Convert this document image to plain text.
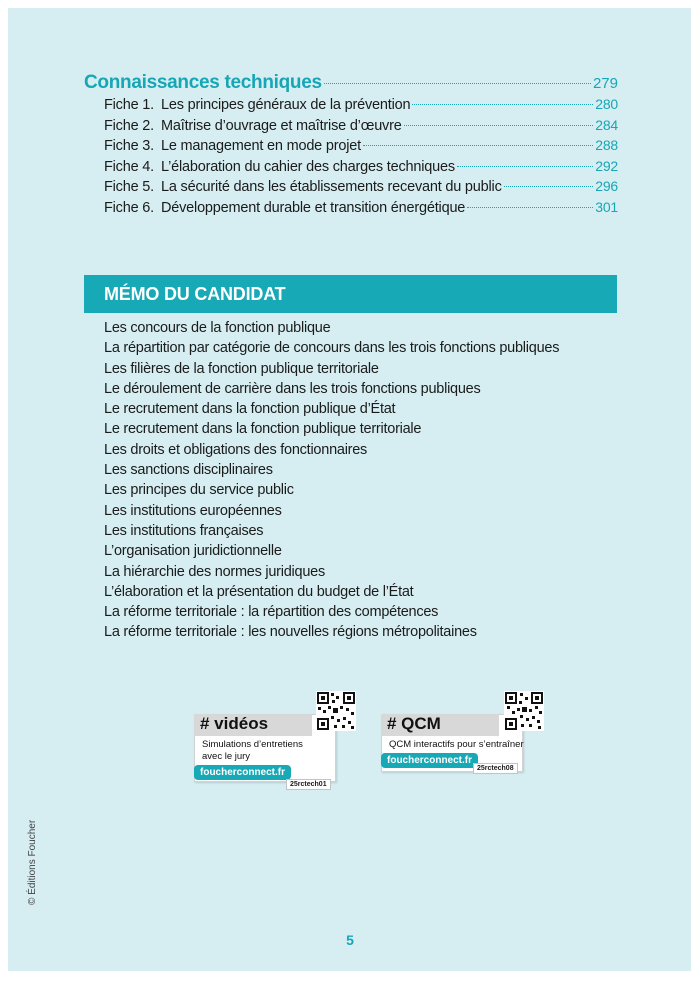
Connaissances techniques	279
Fiche 1. Les principes généraux de la prévention	280
Fiche 2. Maîtrise d’ouvrage et maîtrise d’œuvre	284
Fiche 3. Le management en mode projet	288
Fiche 4. L’élaboration du cahier des charges techniques	292
Fiche 5. La sécurité dans les établissements recevant du public	296
Fiche 6. Développement durable et transition énergétique	301
MÉMO DU CANDIDAT
Les concours de la fonction publique
La répartition par catégorie de concours dans les trois fonctions publiques
Les filières de la fonction publique territoriale
Le déroulement de carrière dans les trois fonctions publiques
Le recrutement dans la fonction publique d’État
Le recrutement dans la fonction publique territoriale
Les droits et obligations des fonctionnaires
Les sanctions disciplinaires
Les principes du service public
Les institutions européennes
Les institutions françaises
L’organisation juridictionnelle
La hiérarchie des normes juridiques
L’élaboration et la présentation du budget de l’État
La réforme territoriale : la répartition des compétences
La réforme territoriale : les nouvelles régions métropolitaines
# vidéos
Simulations d’entretiens
avec le jury
foucherconnect.fr
25rctech01
# QCM
QCM interactifs pour s’entraîner
foucherconnect.fr
25rctech08
© Éditions Foucher
5
